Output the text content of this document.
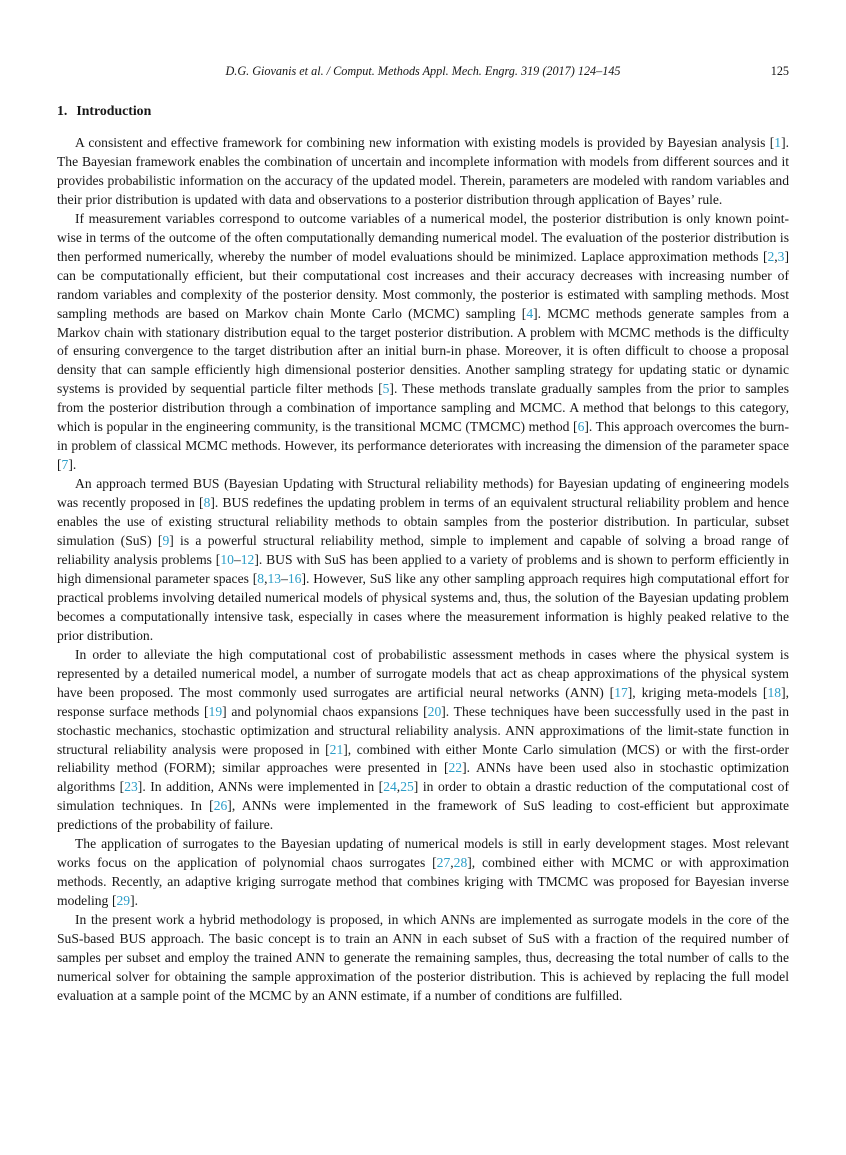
D.G. Giovanis et al. / Comput. Methods Appl. Mech. Engrg. 319 (2017) 124–145	125
1. Introduction

A consistent and effective framework for combining new information with existing models is provided by Bayesian analysis [1]. The Bayesian framework enables the combination of uncertain and incomplete information with models from different sources and it provides probabilistic information on the accuracy of the updated model. Therein, parameters are modeled with random variables and their prior distribution is updated with data and observations to a posterior distribution through application of Bayes’ rule.

If measurement variables correspond to outcome variables of a numerical model, the posterior distribution is only known point-wise in terms of the outcome of the often computationally demanding numerical model. The evaluation of the posterior distribution is then performed numerically, whereby the number of model evaluations should be minimized. Laplace approximation methods [2,3] can be computationally efficient, but their computational cost increases and their accuracy decreases with increasing number of random variables and complexity of the posterior density. Most commonly, the posterior is estimated with sampling methods. Most sampling methods are based on Markov chain Monte Carlo (MCMC) sampling [4]. MCMC methods generate samples from a Markov chain with stationary distribution equal to the target posterior distribution. A problem with MCMC methods is the difficulty of ensuring convergence to the target distribution after an initial burn-in phase. Moreover, it is often difficult to choose a proposal density that can sample efficiently high dimensional posterior densities. Another sampling strategy for updating static or dynamic systems is provided by sequential particle filter methods [5]. These methods translate gradually samples from the prior to samples from the posterior distribution through a combination of importance sampling and MCMC. A method that belongs to this category, which is popular in the engineering community, is the transitional MCMC (TMCMC) method [6]. This approach overcomes the burn-in problem of classical MCMC methods. However, its performance deteriorates with increasing the dimension of the parameter space [7].

An approach termed BUS (Bayesian Updating with Structural reliability methods) for Bayesian updating of engineering models was recently proposed in [8]. BUS redefines the updating problem in terms of an equivalent structural reliability problem and hence enables the use of existing structural reliability methods to obtain samples from the posterior distribution. In particular, subset simulation (SuS) [9] is a powerful structural reliability method, simple to implement and capable of solving a broad range of reliability analysis problems [10–12]. BUS with SuS has been applied to a variety of problems and is shown to perform efficiently in high dimensional parameter spaces [8,13–16]. However, SuS like any other sampling approach requires high computational effort for practical problems involving detailed numerical models of physical systems and, thus, the solution of the Bayesian updating problem becomes a computationally intensive task, especially in cases where the measurement information is highly peaked relative to the prior distribution.

In order to alleviate the high computational cost of probabilistic assessment methods in cases where the physical system is represented by a detailed numerical model, a number of surrogate models that act as cheap approximations of the physical system have been proposed. The most commonly used surrogates are artificial neural networks (ANN) [17], kriging meta-models [18], response surface methods [19] and polynomial chaos expansions [20]. These techniques have been successfully used in the past in stochastic mechanics, stochastic optimization and structural reliability analysis. ANN approximations of the limit-state function in structural reliability analysis were proposed in [21], combined with either Monte Carlo simulation (MCS) or with the first-order reliability method (FORM); similar approaches were presented in [22]. ANNs have been used also in stochastic optimization algorithms [23]. In addition, ANNs were implemented in [24,25] in order to obtain a drastic reduction of the computational cost of simulation techniques. In [26], ANNs were implemented in the framework of SuS leading to cost-efficient but approximate predictions of the probability of failure.

The application of surrogates to the Bayesian updating of numerical models is still in early development stages. Most relevant works focus on the application of polynomial chaos surrogates [27,28], combined either with MCMC or with approximation methods. Recently, an adaptive kriging surrogate method that combines kriging with TMCMC was proposed for Bayesian inverse modeling [29].

In the present work a hybrid methodology is proposed, in which ANNs are implemented as surrogate models in the core of the SuS-based BUS approach. The basic concept is to train an ANN in each subset of SuS with a fraction of the required number of samples per subset and employ the trained ANN to generate the remaining samples, thus, decreasing the total number of calls to the numerical solver for obtaining the sample approximation of the posterior distribution. This is achieved by replacing the full model evaluation at a sample point of the MCMC by an ANN estimate, if a number of conditions are fulfilled.
